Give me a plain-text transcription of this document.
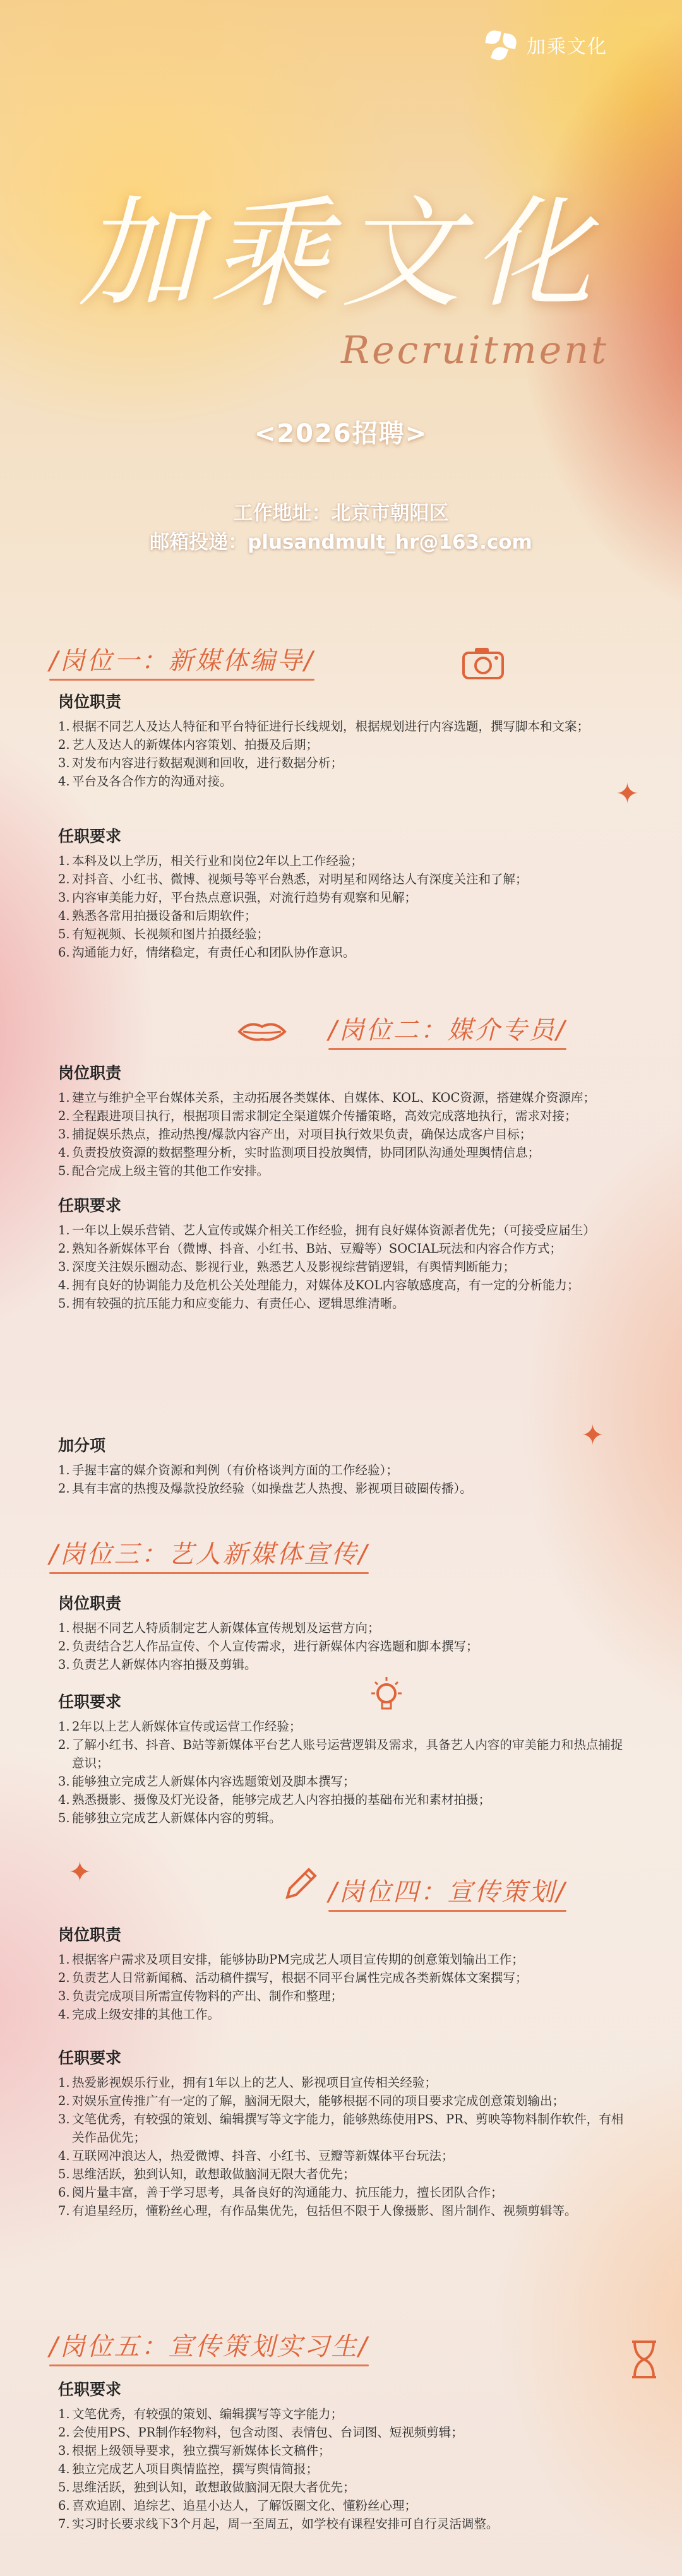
加乘文化
加乘文化
Recruitment
<2026招聘>
工作地址：北京市朝阳区
邮箱投递：plusandmult_hr@163.com
✦
✦
✦
/岗位一：新媒体编导/
岗位职责
1. 根据不同艺人及达人特征和平台特征进行长线规划，根据规划进行内容选题，撰写脚本和文案；
2. 艺人及达人的新媒体内容策划、拍摄及后期；
3. 对发布内容进行数据观测和回收，进行数据分析；
4. 平台及各合作方的沟通对接。
任职要求
1. 本科及以上学历，相关行业和岗位2年以上工作经验；
2. 对抖音、小红书、微博、视频号等平台熟悉，对明星和网络达人有深度关注和了解；
3. 内容审美能力好，平台热点意识强，对流行趋势有观察和见解；
4. 熟悉各常用拍摄设备和后期软件；
5. 有短视频、长视频和图片拍摄经验；
6. 沟通能力好，情绪稳定，有责任心和团队协作意识。
/岗位二：媒介专员/
岗位职责
1. 建立与维护全平台媒体关系，主动拓展各类媒体、自媒体、KOL、KOC资源，搭建媒介资源库；
2. 全程跟进项目执行，根据项目需求制定全渠道媒介传播策略，高效完成落地执行，需求对接；
3. 捕捉娱乐热点，推动热搜/爆款内容产出，对项目执行效果负责，确保达成客户目标；
4. 负责投放资源的数据整理分析，实时监测项目投放舆情，协同团队沟通处理舆情信息；
5. 配合完成上级主管的其他工作安排。
任职要求
1. 一年以上娱乐营销、艺人宣传或媒介相关工作经验，拥有良好媒体资源者优先；（可接受应届生）
2. 熟知各新媒体平台（微博、抖音、小红书、B站、豆瓣等）SOCIAL玩法和内容合作方式；
3. 深度关注娱乐圈动态、影视行业，熟悉艺人及影视综营销逻辑，有舆情判断能力；
4. 拥有良好的协调能力及危机公关处理能力，对媒体及KOL内容敏感度高，有一定的分析能力；
5. 拥有较强的抗压能力和应变能力、有责任心、逻辑思维清晰。
加分项
1. 手握丰富的媒介资源和判例（有价格谈判方面的工作经验）；
2. 具有丰富的热搜及爆款投放经验（如操盘艺人热搜、影视项目破圈传播）。
/岗位三：艺人新媒体宣传/
岗位职责
1. 根据不同艺人特质制定艺人新媒体宣传规划及运营方向；
2. 负责结合艺人作品宣传、个人宣传需求，进行新媒体内容选题和脚本撰写；
3. 负责艺人新媒体内容拍摄及剪辑。
任职要求
1. 2年以上艺人新媒体宣传或运营工作经验；
2. 了解小红书、抖音、B站等新媒体平台艺人账号运营逻辑及需求，具备艺人内容的审美能力和热点捕捉意识；
3. 能够独立完成艺人新媒体内容选题策划及脚本撰写；
4. 熟悉摄影、摄像及灯光设备，能够完成艺人内容拍摄的基础布光和素材拍摄；
5. 能够独立完成艺人新媒体内容的剪辑。
/岗位四：宣传策划/
岗位职责
1. 根据客户需求及项目安排，能够协助PM完成艺人项目宣传期的创意策划输出工作；
2. 负责艺人日常新闻稿、活动稿件撰写，根据不同平台属性完成各类新媒体文案撰写；
3. 负责完成项目所需宣传物料的产出、制作和整理；
4. 完成上级安排的其他工作。
任职要求
1. 热爱影视娱乐行业，拥有1年以上的艺人、影视项目宣传相关经验；
2. 对娱乐宣传推广有一定的了解，脑洞无限大，能够根据不同的项目要求完成创意策划输出；
3. 文笔优秀，有较强的策划、编辑撰写等文字能力，能够熟练使用PS、PR、剪映等物料制作软件，有相关作品优先；
4. 互联网冲浪达人，热爱微博、抖音、小红书、豆瓣等新媒体平台玩法；
5. 思维活跃，独到认知，敢想敢做脑洞无限大者优先；
6. 阅片量丰富，善于学习思考，具备良好的沟通能力、抗压能力，擅长团队合作；
7. 有追星经历，懂粉丝心理，有作品集优先，包括但不限于人像摄影、图片制作、视频剪辑等。
/岗位五：宣传策划实习生/
任职要求
1. 文笔优秀，有较强的策划、编辑撰写等文字能力；
2. 会使用PS、PR制作轻物料，包含动图、表情包、台词图、短视频剪辑；
3. 根据上级领导要求，独立撰写新媒体长文稿件；
4. 独立完成艺人项目舆情监控，撰写舆情简报；
5. 思维活跃，独到认知，敢想敢做脑洞无限大者优先；
6. 喜欢追剧、追综艺、追星小达人，了解饭圈文化、懂粉丝心理；
7. 实习时长要求线下3个月起，周一至周五，如学校有课程安排可自行灵活调整。
